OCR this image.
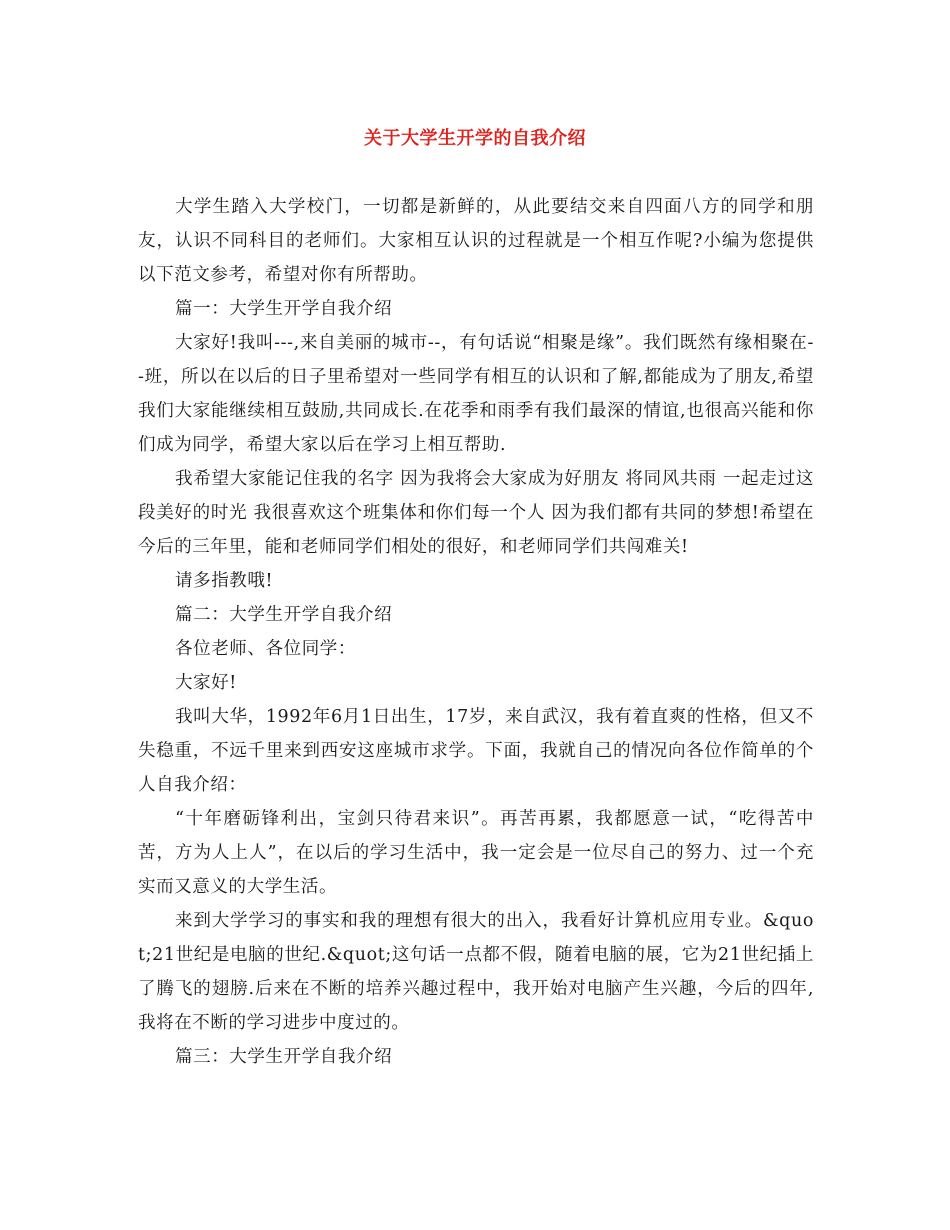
关于大学生开学的自我介绍

大学生踏入大学校门，一切都是新鲜的，从此要结交来自四面八方的同学和朋友，认识不同科目的老师们。大家相互认识的过程就是一个相互作呢?小编为您提供以下范文参考，希望对你有所帮助。

篇一：大学生开学自我介绍

大家好!我叫---,来自美丽的城市--，有句话说“相聚是缘”。我们既然有缘相聚在--班，所以在以后的日子里希望对一些同学有相互的认识和了解,都能成为了朋友,希望我们大家能继续相互鼓励,共同成长.在花季和雨季有我们最深的情谊,也很高兴能和你们成为同学，希望大家以后在学习上相互帮助.

我希望大家能记住我的名字 因为我将会大家成为好朋友 将同风共雨 一起走过这段美好的时光 我很喜欢这个班集体和你们每一个人 因为我们都有共同的梦想!希望在今后的三年里，能和老师同学们相处的很好，和老师同学们共闯难关!

请多指教哦!

篇二：大学生开学自我介绍

各位老师、各位同学：

大家好!

我叫大华，1992年6月1日出生，17岁，来自武汉，我有着直爽的性格，但又不失稳重，不远千里来到西安这座城市求学。下面，我就自己的情况向各位作简单的个人自我介绍：

“十年磨砺锋利出，宝剑只待君来识”。再苦再累，我都愿意一试，“吃得苦中苦，方为人上人”，在以后的学习生活中，我一定会是一位尽自己的努力、过一个充实而又意义的大学生活。

来到大学学习的事实和我的理想有很大的出入，我看好计算机应用专业。&quot;21世纪是电脑的世纪.&quot;这句话一点都不假，随着电脑的展，它为21世纪插上了腾飞的翅膀.后来在不断的培养兴趣过程中，我开始对电脑产生兴趣，今后的四年,我将在不断的学习进步中度过的。

篇三：大学生开学自我介绍
